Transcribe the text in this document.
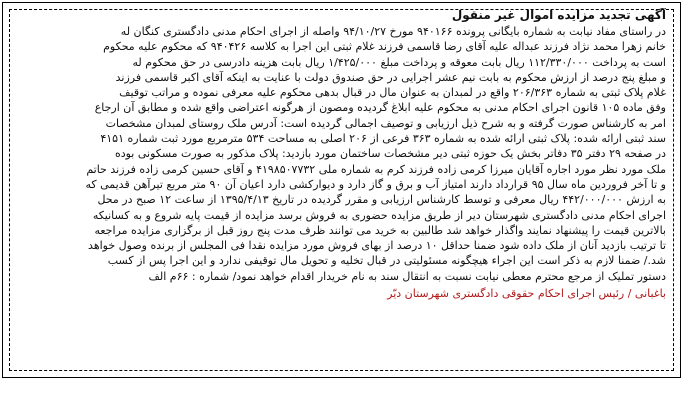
آگهی تجدید مزایده اموال غیر منقول
در راستای مفاد نیابت به شماره بایگانی پرونده ۹۴۰۱۶۶ مورخ ۹۴/۱۰/۲۷ واصله از اجرای احکام مدنی دادگستری کنگان له
خانم زهرا محمد نژاد فرزند عبداله علیه آقای رضا قاسمی فرزند غلام ثبتی این اجرا به کلاسه ۹۴۰۴۲۶ که محکوم علیه محکوم
است به پرداخت ۱۱۲/۳۳۰/۰۰۰ ریال بابت معوقه و پرداخت مبلغ ۱/۴۲۵/۰۰۰ ریال بابت هزینه دادرسی در حق محکوم له
و مبلغ پنج درصد از ارزش محکوم به بابت نیم عشر اجرایی در حق صندوق دولت با عنایت به اینکه آقای اکبر قاسمی فرزند
غلام پلاک ثبتی به شماره ۲۰۶/۳۶۳ واقع در لمبدان به عنوان مال در قبال بدهی محکوم علیه معرفی نموده و مراتب توقیف
وفق ماده ۱۰۵ قانون اجرای احکام مدنی به محکوم علیه ابلاغ گردیده ومصون از هرگونه اعتراضی واقع شده و مطابق آن ارجاع
امر به کارشناس صورت گرفته و به شرح ذیل ارزیابی و توصیف اجمالی گردیده است: آدرس ملک روستای لمبدان مشخصات
سند ثبتی ارائه شده: پلاک ثبتی ارائه شده به شماره ۳۶۳ فرعی از ۲۰۶ اصلی به مساحت ۵۳۴ مترمربع مورد ثبت شماره ۴۱۵۱
در صفحه ۲۹ دفتر ۳۵ دفاتر بخش یک حوزه ثبتی دیر مشخصات ساختمان مورد بازدید: پلاک مذکور به صورت مسکونی بوده
ملک مورد نظر مورد اجاره آقایان میرزا کرمی زاده فرزند کرم به شماره ملی ۴۱۹۸۵۰۷۷۳۲ و آقای حسین کرمی زاده فرزند حاتم
و تا آخر فروردین ماه سال ۹۵ قرارداد دارند امتیاز آب و برق و گاز دارد و دیوارکشی دارد اعیان آن ۹۰ متر مربع تیرآهن قدیمی که
به ارزش ۴۴۲/۰۰۰/۰۰۰ ریال معرفی و توسط کارشناس ارزیابی و مقرر گردیده در تاریخ ۱۳۹۵/۴/۱۳ از ساعت ۱۲ صبح در محل
اجرای احکام مدنی دادگستری شهرستان دیر از طریق مزایده حضوری به فروش برسد مزایده از قیمت پایه شروع و به کسانیکه
بالاترین قیمت را پیشنهاد نمایند واگذار خواهد شد طالبین به خرید می توانند ظرف مدت پنج روز قبل از برگزاری مزایده مراجعه
تا ترتیب بازدید آنان از ملک داده شود ضمنا حداقل ۱۰ درصد از بهای فروش مورد مزایده نقدا فی المجلس از برنده وصول خواهد
شد./ ضمنا لازم به ذکر است این اجراء هیچگونه مسئولیتی در قبال تخلیه و تحویل مال توقیفی ندارد و این اجرا پس از کسب
دستور تملیک از مرجع محترم معطی نیابت نسبت به انتقال سند به نام خریدار اقدام خواهد نمود/ شماره : ۶۶م الف
باغبانی / رئیس اجرای احکام حقوقی دادگستری شهرستان دیّر
